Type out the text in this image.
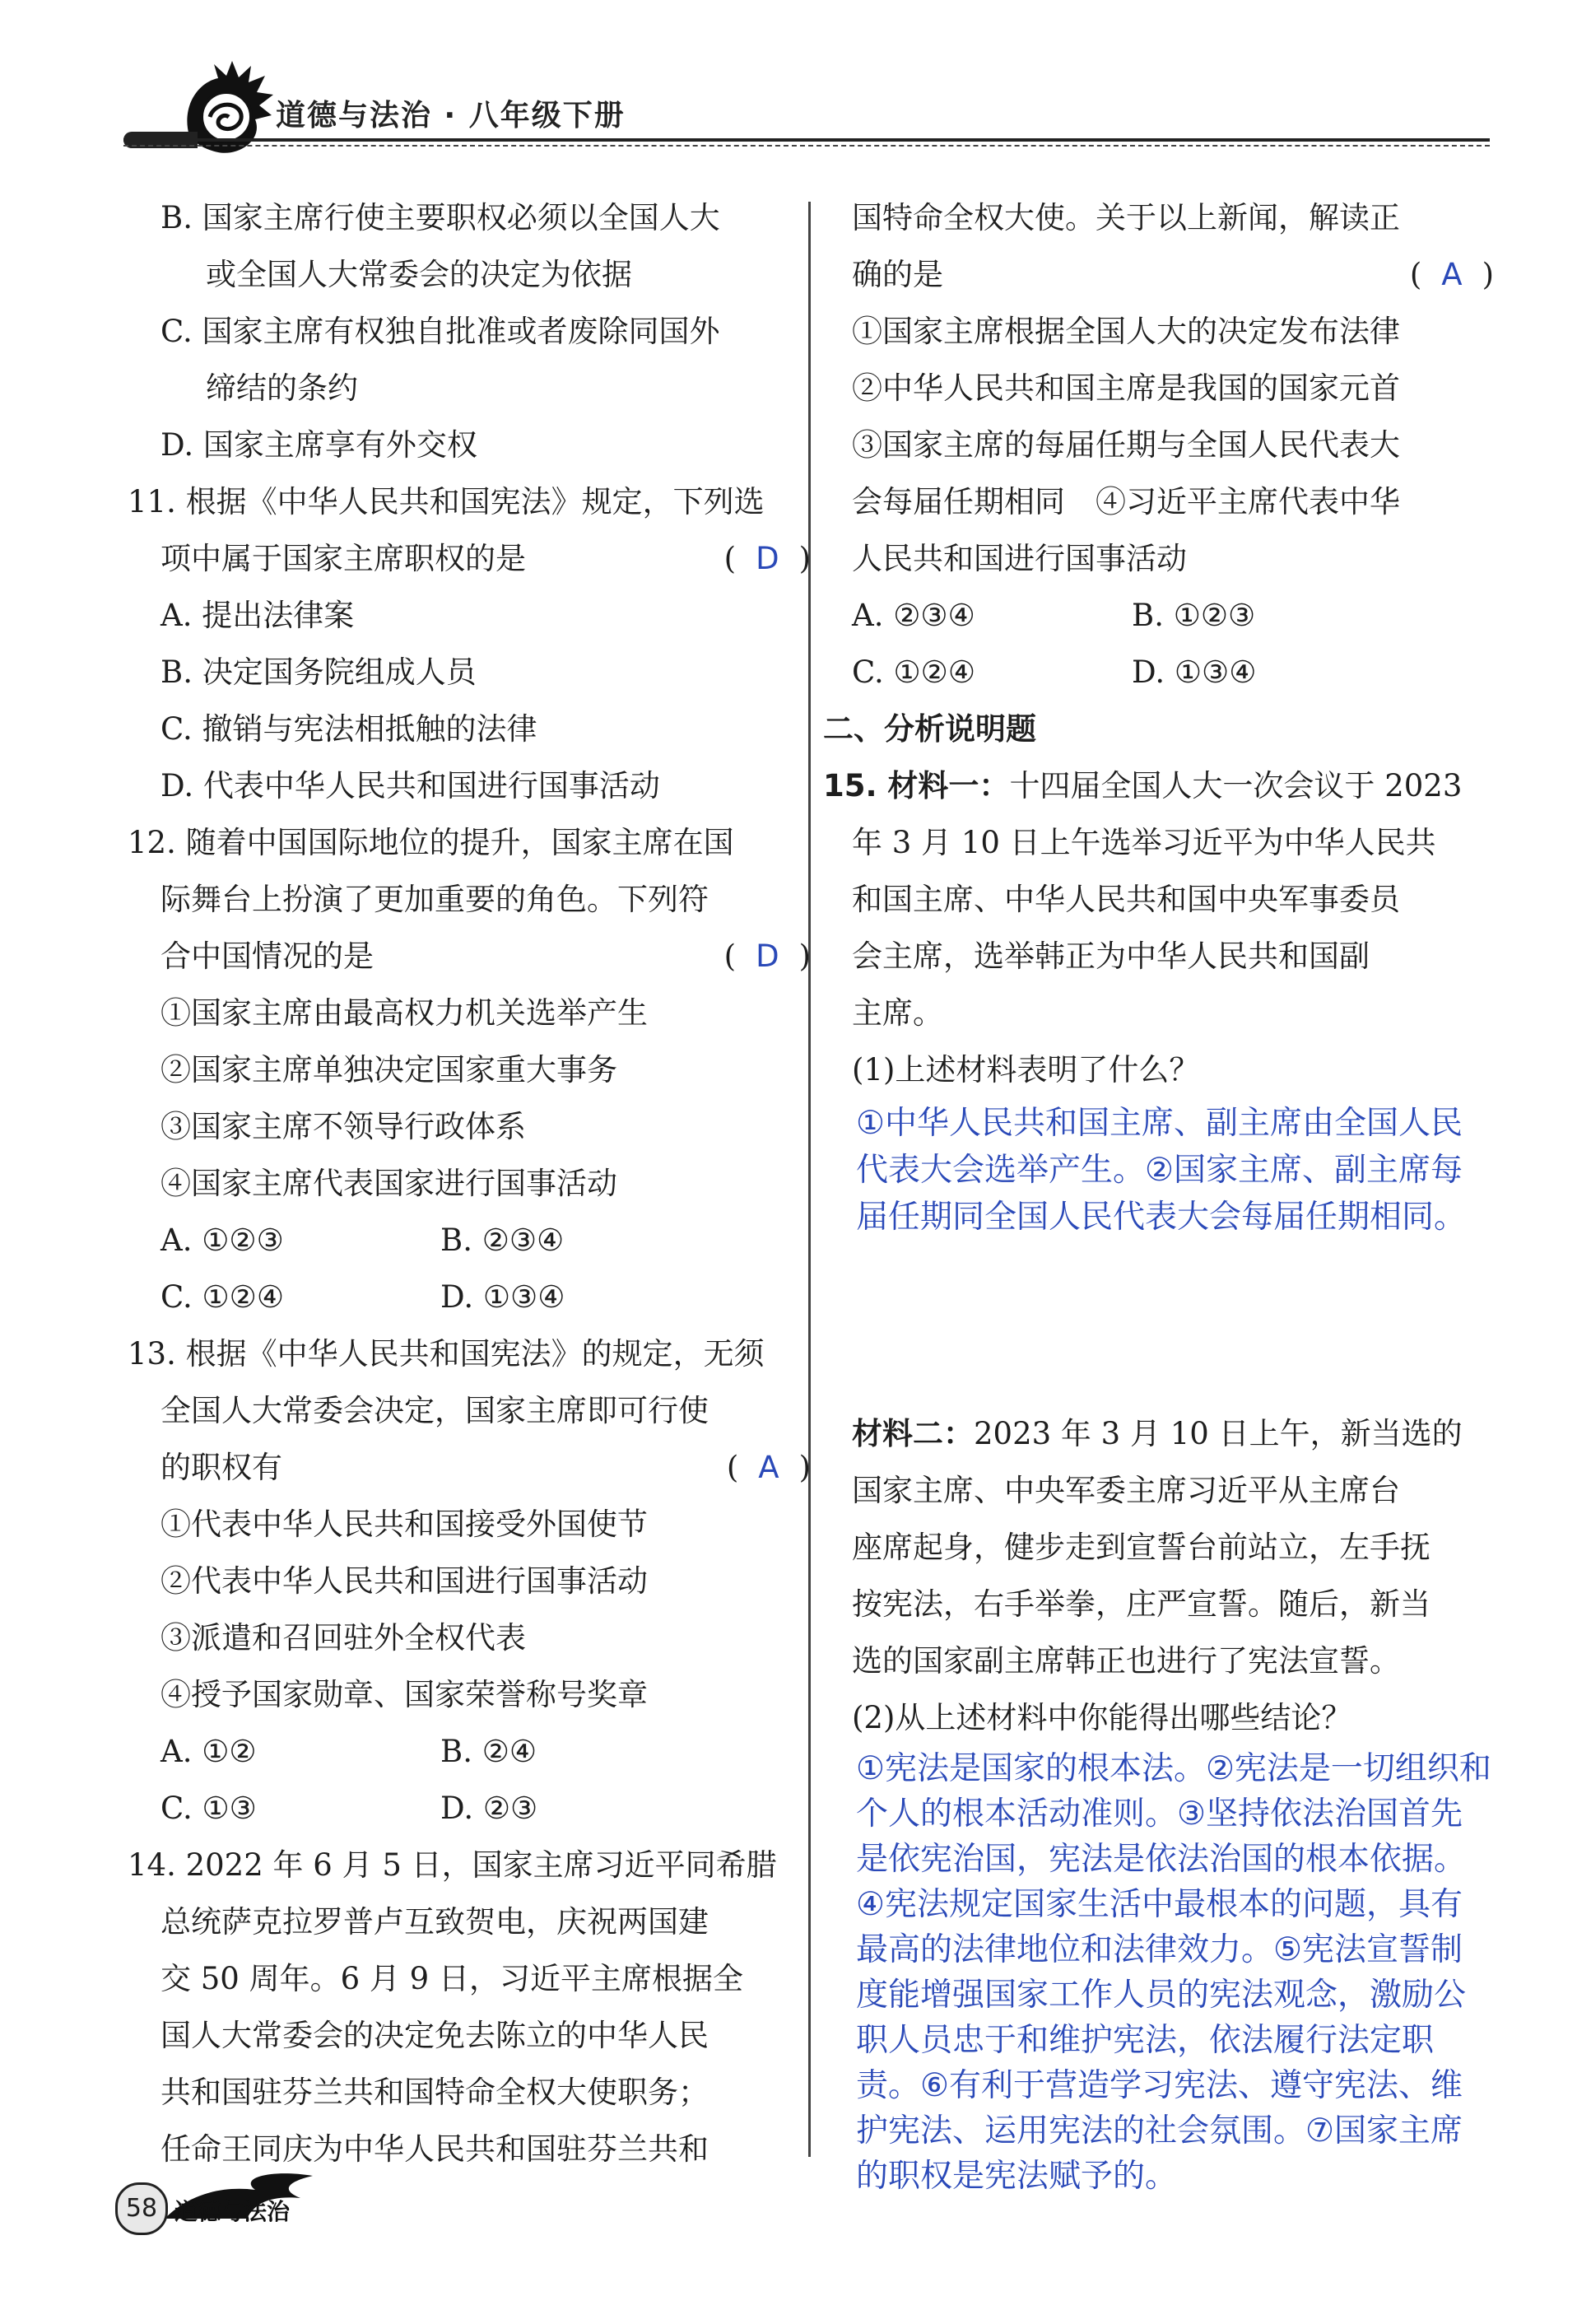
道德与法治 · 八年级下册
B. 国家主席行使主要职权必须以全国人大
或全国人大常委会的决定为依据
C. 国家主席有权独自批准或者废除同国外
缔结的条约
D. 国家主席享有外交权
11. 根据《中华人民共和国宪法》规定，下列选
项中属于国家主席职权的是	( D )
A. 提出法律案
B. 决定国务院组成人员
C. 撤销与宪法相抵触的法律
D. 代表中华人民共和国进行国事活动
12. 随着中国国际地位的提升，国家主席在国
际舞台上扮演了更加重要的角色。下列符
合中国情况的是	( D )
①国家主席由最高权力机关选举产生
②国家主席单独决定国家重大事务
③国家主席不领导行政体系
④国家主席代表国家进行国事活动
A. ①②③	B. ②③④
C. ①②④	D. ①③④
13. 根据《中华人民共和国宪法》的规定，无须
全国人大常委会决定，国家主席即可行使
的职权有	( A )
①代表中华人民共和国接受外国使节
②代表中华人民共和国进行国事活动
③派遣和召回驻外全权代表
④授予国家勋章、国家荣誉称号奖章
A. ①②	B. ②④
C. ①③	D. ②③
14. 2022 年 6 月 5 日，国家主席习近平同希腊
总统萨克拉罗普卢互致贺电，庆祝两国建
交 50 周年。6 月 9 日，习近平主席根据全
国人大常委会的决定免去陈立的中华人民
共和国驻芬兰共和国特命全权大使职务；
任命王同庆为中华人民共和国驻芬兰共和
国特命全权大使。关于以上新闻，解读正
确的是	( A )
①国家主席根据全国人大的决定发布法律
②中华人民共和国主席是我国的国家元首
③国家主席的每届任期与全国人民代表大
会每届任期相同　④习近平主席代表中华
人民共和国进行国事活动
A. ②③④	B. ①②③
C. ①②④	D. ①③④
二、分析说明题
15. 材料一：十四届全国人大一次会议于 2023
年 3 月 10 日上午选举习近平为中华人民共
和国主席、中华人民共和国中央军事委员
会主席，选举韩正为中华人民共和国副
主席。
(1)上述材料表明了什么？
①中华人民共和国主席、副主席由全国人民代表大会选举产生。②国家主席、副主席每届任期同全国人民代表大会每届任期相同。
材料二：2023 年 3 月 10 日上午，新当选的
国家主席、中央军委主席习近平从主席台
座席起身，健步走到宣誓台前站立，左手抚
按宪法，右手举拳，庄严宣誓。随后，新当
选的国家副主席韩正也进行了宪法宣誓。
(2)从上述材料中你能得出哪些结论？
①宪法是国家的根本法。②宪法是一切组织和个人的根本活动准则。③坚持依法治国首先是依宪治国，宪法是依法治国的根本依据。④宪法规定国家生活中最根本的问题，具有最高的法律地位和法律效力。⑤宪法宣誓制度能增强国家工作人员的宪法观念，激励公职人员忠于和维护宪法，依法履行法定职责。⑥有利于营造学习宪法、遵守宪法、维护宪法、运用宪法的社会氛围。⑦国家主席的职权是宪法赋予的。
58 道德与法治
